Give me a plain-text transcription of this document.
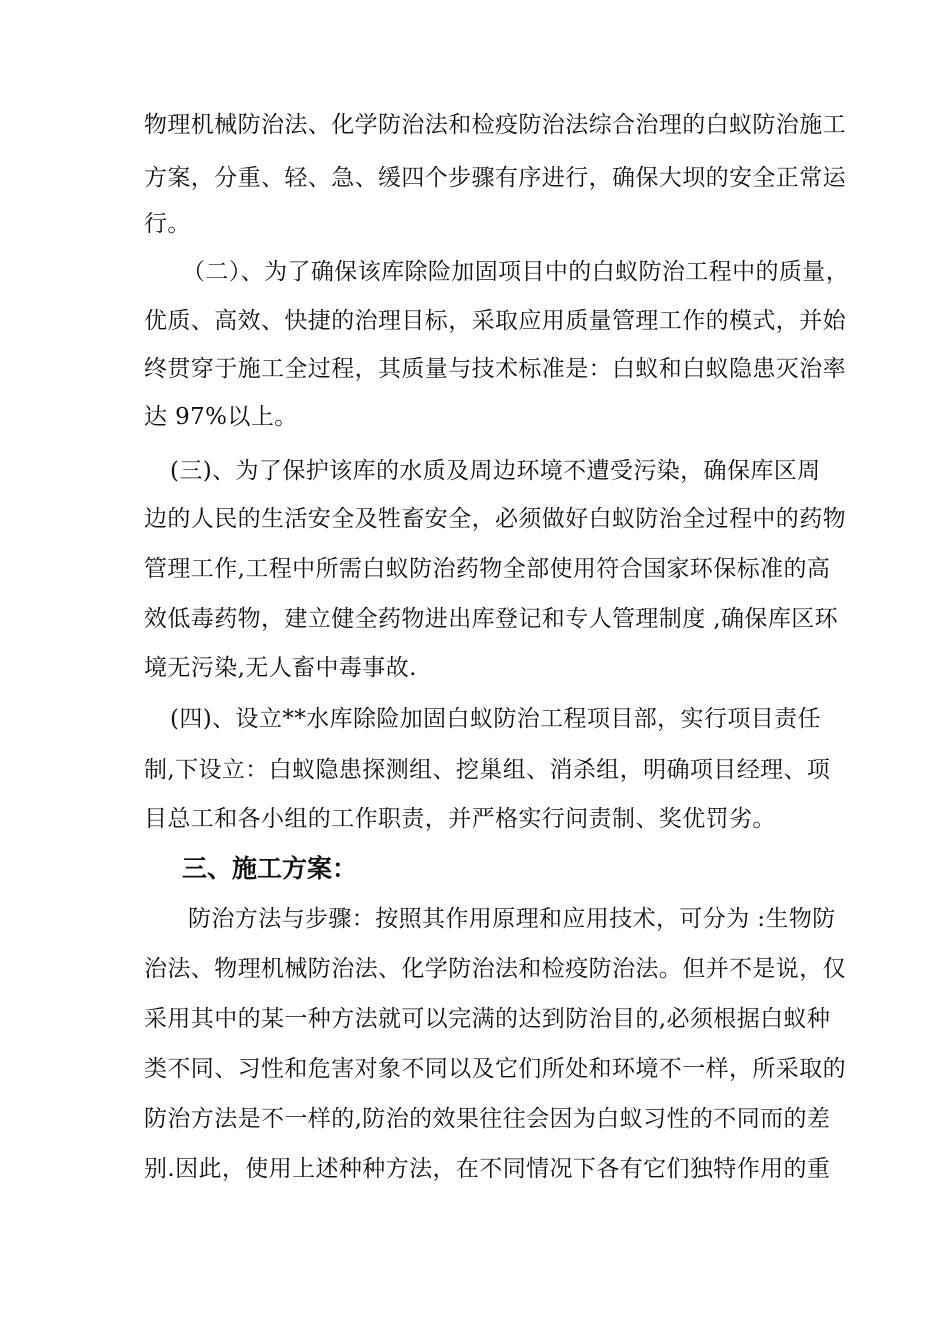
物理机械防治法、化学防治法和检疫防治法综合治理的白蚁防治施工
方案，分重、轻、急、缓四个步骤有序进行，确保大坝的安全正常运
行。
（二）、为了确保该库除险加固项目中的白蚁防治工程中的质量，
优质、高效、快捷的治理目标，采取应用质量管理工作的模式，并始
终贯穿于施工全过程，其质量与技术标准是：白蚁和白蚁隐患灭治率
达 97%以上。
(三)、为了保护该库的水质及周边环境不遭受污染，确保库区周
边的人民的生活安全及牲畜安全，必须做好白蚁防治全过程中的药物
管理工作,工程中所需白蚁防治药物全部使用符合国家环保标准的高
效低毒药物，建立健全药物进出库登记和专人管理制度 ,确保库区环
境无污染,无人畜中毒事故.
(四)、设立**水库除险加固白蚁防治工程项目部，实行项目责任
制,下设立：白蚁隐患探测组、挖巢组、消杀组，明确项目经理、项
目总工和各小组的工作职责，并严格实行问责制、奖优罚劣。
三、施工方案：
防治方法与步骤：按照其作用原理和应用技术，可分为 :生物防
治法、物理机械防治法、化学防治法和检疫防治法。但并不是说，仅
采用其中的某一种方法就可以完满的达到防治目的,必须根据白蚁种
类不同、习性和危害对象不同以及它们所处和环境不一样，所采取的
防治方法是不一样的,防治的效果往往会因为白蚁习性的不同而的差
别.因此，使用上述种种方法，在不同情况下各有它们独特作用的重
